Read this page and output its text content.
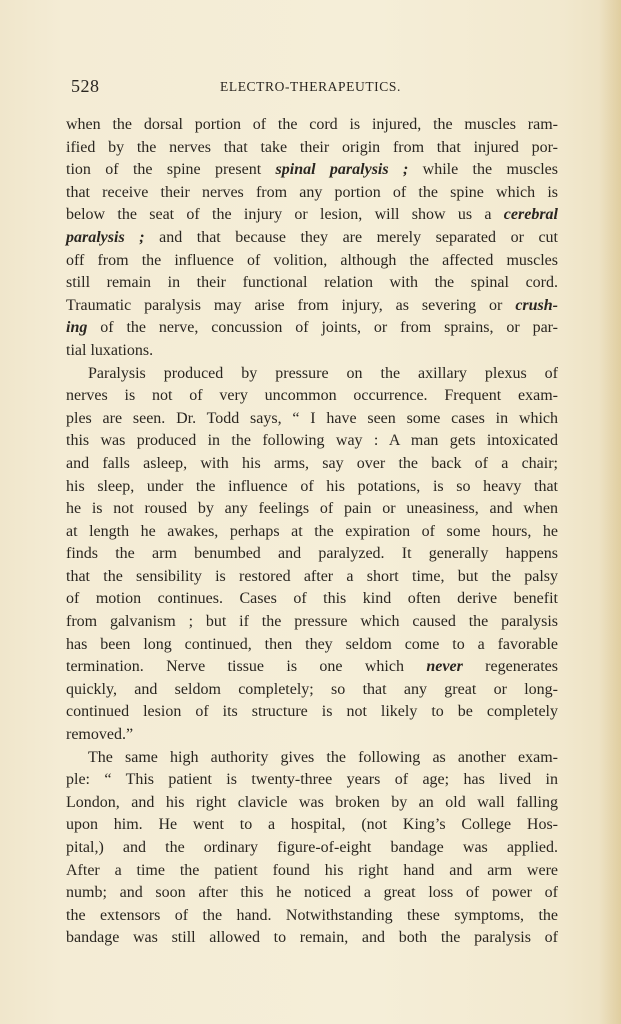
528	ELECTRO-THERAPEUTICS.
when the dorsal portion of the cord is injured, the muscles ram-
ified by the nerves that take their origin from that injured por-
tion of the spine present spinal paralysis ; while the muscles
that receive their nerves from any portion of the spine which is
below the seat of the injury or lesion, will show us a cerebral
paralysis ; and that because they are merely separated or cut
off from the influence of volition, although the affected muscles
still remain in their functional relation with the spinal cord.
Traumatic paralysis may arise from injury, as severing or crush-
ing of the nerve, concussion of joints, or from sprains, or par-
tial luxations.
Paralysis produced by pressure on the axillary plexus of
nerves is not of very uncommon occurrence. Frequent exam-
ples are seen. Dr. Todd says, “ I have seen some cases in which
this was produced in the following way : A man gets intoxicated
and falls asleep, with his arms, say over the back of a chair;
his sleep, under the influence of his potations, is so heavy that
he is not roused by any feelings of pain or uneasiness, and when
at length he awakes, perhaps at the expiration of some hours, he
finds the arm benumbed and paralyzed. It generally happens
that the sensibility is restored after a short time, but the palsy
of motion continues. Cases of this kind often derive benefit
from galvanism ; but if the pressure which caused the paralysis
has been long continued, then they seldom come to a favorable
termination. Nerve tissue is one which never regenerates
quickly, and seldom completely; so that any great or long-
continued lesion of its structure is not likely to be completely
removed.”
The same high authority gives the following as another exam-
ple: “ This patient is twenty-three years of age; has lived in
London, and his right clavicle was broken by an old wall falling
upon him. He went to a hospital, (not King’s College Hos-
pital,) and the ordinary figure-of-eight bandage was applied.
After a time the patient found his right hand and arm were
numb; and soon after this he noticed a great loss of power of
the extensors of the hand. Notwithstanding these symptoms, the
bandage was still allowed to remain, and both the paralysis of
